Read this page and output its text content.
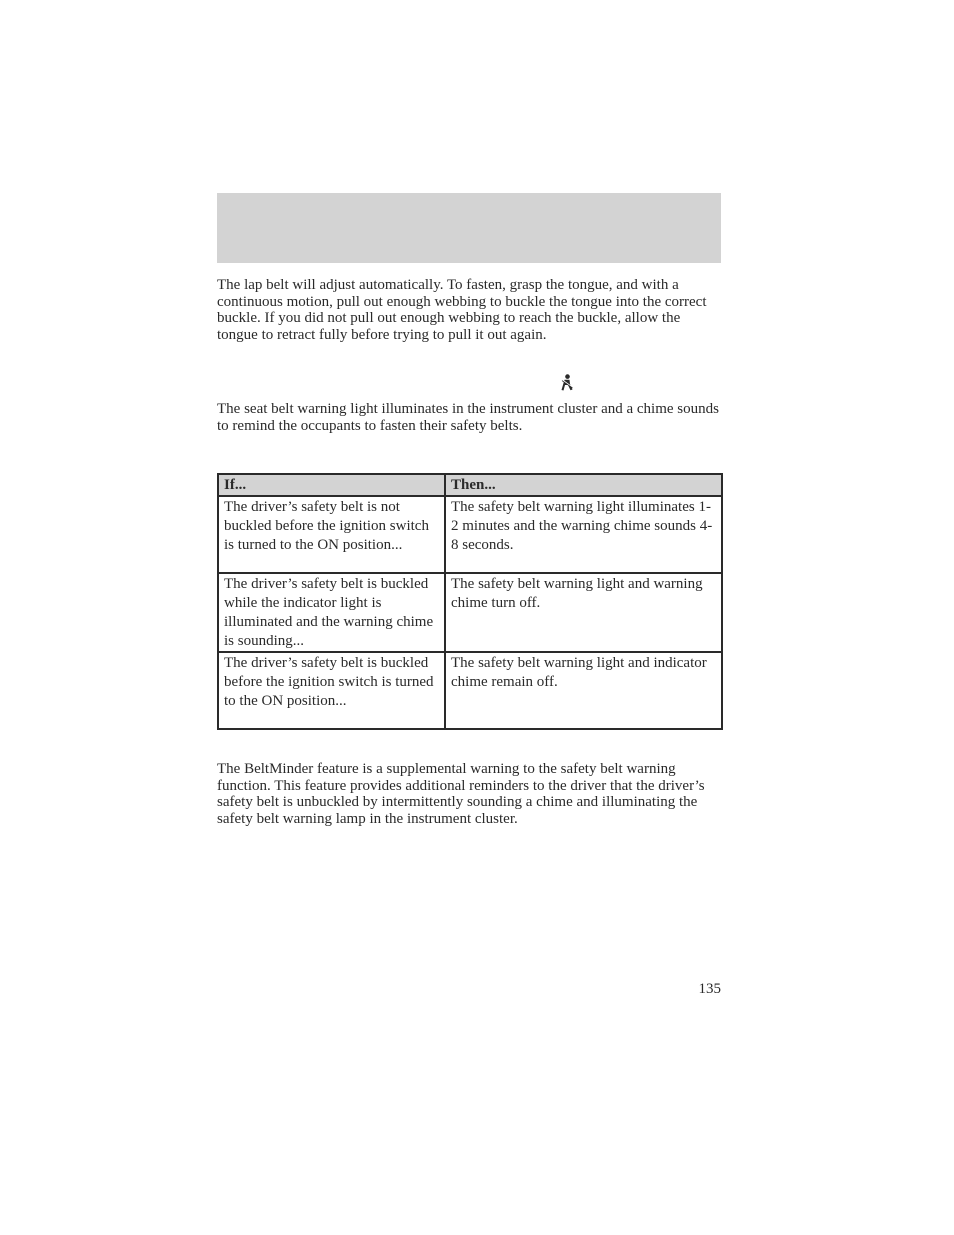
The lap belt will adjust automatically. To fasten, grasp the tongue, and with a continuous motion, pull out enough webbing to buckle the tongue into the correct buckle. If you did not pull out enough webbing to reach the buckle, allow the tongue to retract fully before trying to pull it out again.

The seat belt warning light illuminates in the instrument cluster and a chime sounds to remind the occupants to fasten their safety belts.

If...	Then...
The driver’s safety belt is not buckled before the ignition switch is turned to the ON position...	The safety belt warning light illuminates 1-2 minutes and the warning chime sounds 4-8 seconds.
The driver’s safety belt is buckled while the indicator light is illuminated and the warning chime is sounding...	The safety belt warning light and warning chime turn off.
The driver’s safety belt is buckled before the ignition switch is turned to the ON position...	The safety belt warning light and indicator chime remain off.

The BeltMinder feature is a supplemental warning to the safety belt warning function. This feature provides additional reminders to the driver that the driver’s safety belt is unbuckled by intermittently sounding a chime and illuminating the safety belt warning lamp in the instrument cluster.

135
